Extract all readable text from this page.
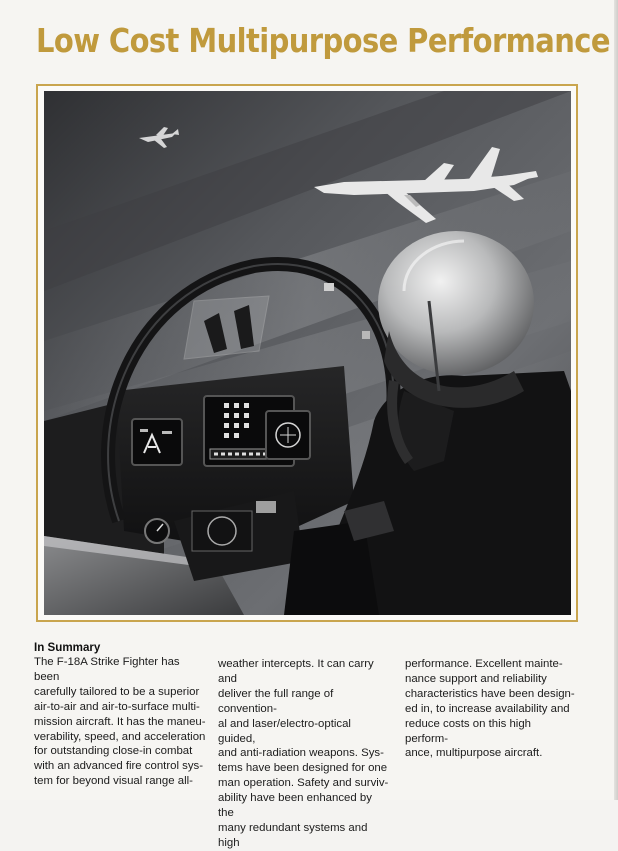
Low Cost Multipurpose Performance

In Summary

The F-18A Strike Fighter has been
carefully tailored to be a superior
air-to-air and air-to-surface multi-
mission aircraft. It has the maneu-
verability, speed, and acceleration
for outstanding close-in combat
with an advanced fire control sys-
tem for beyond visual range all-

weather intercepts. It can carry and
deliver the full range of convention-
al and laser/electro-optical guided,
and anti-radiation weapons. Sys-
tems have been designed for one
man operation. Safety and surviv-
ability have been enhanced by the
many redundant systems and high

performance. Excellent mainte-
nance support and reliability
characteristics have been design-
ed in, to increase availability and
reduce costs on this high perform-
ance, multipurpose aircraft.
